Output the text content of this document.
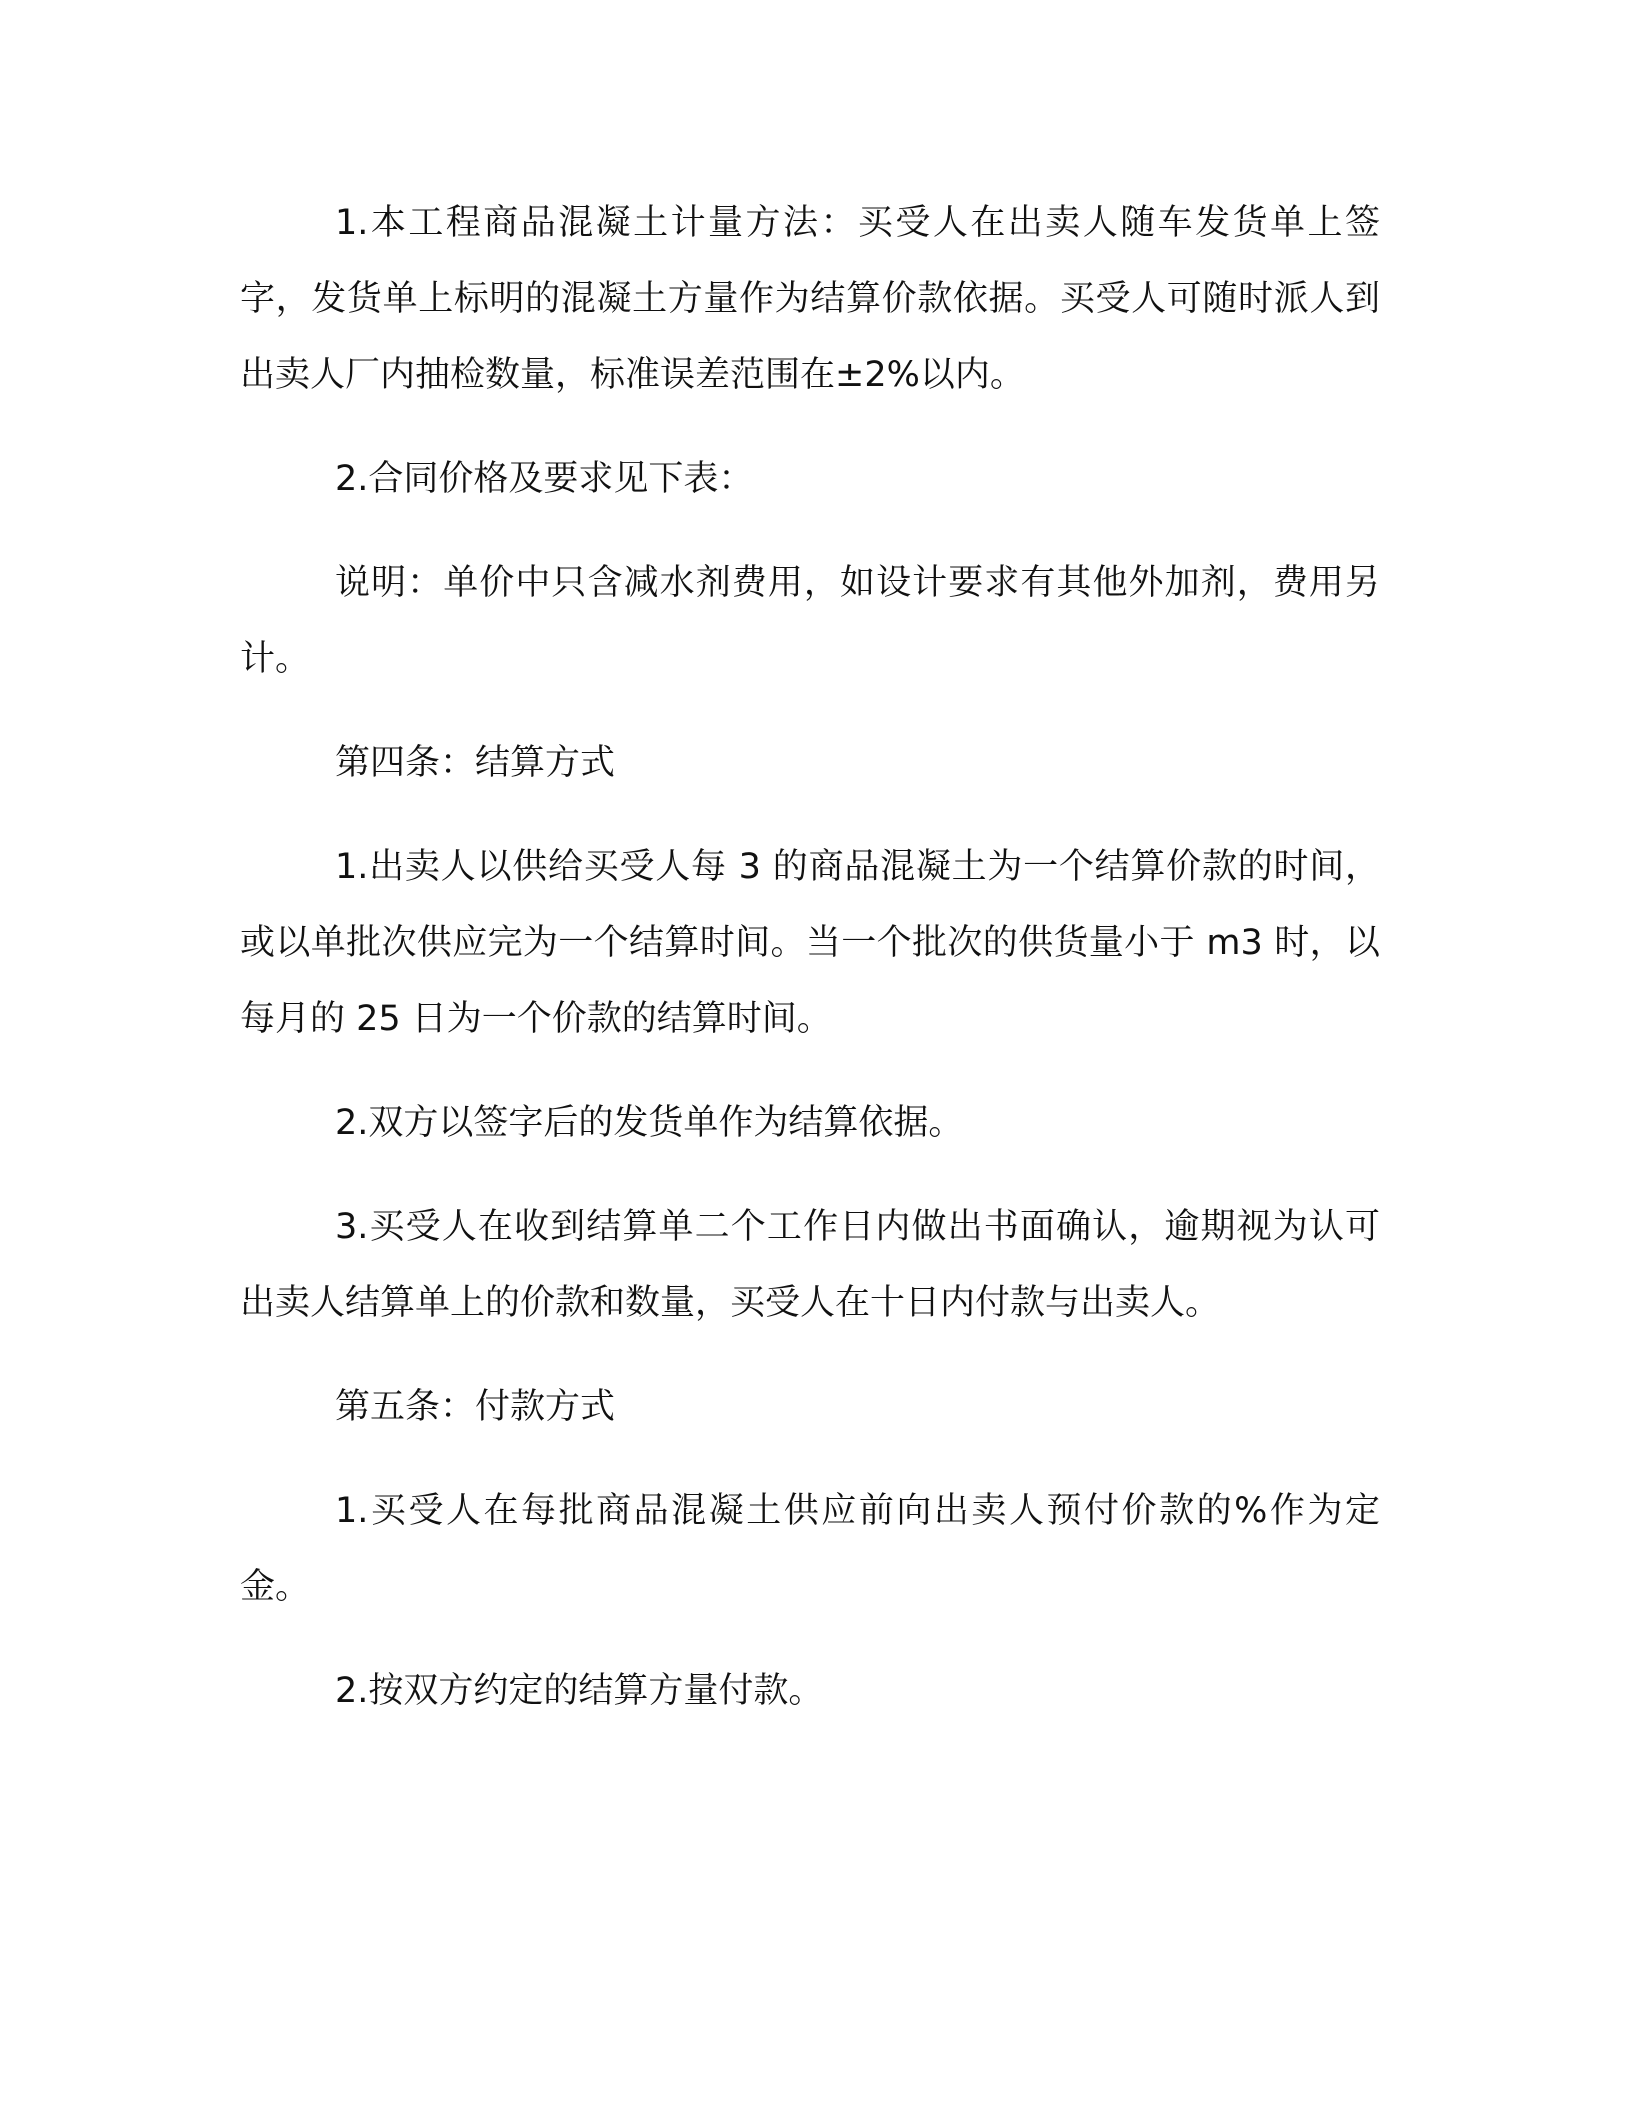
1.本工程商品混凝土计量方法：买受人在出卖人随车发货单上签字，发货单上标明的混凝土方量作为结算价款依据。买受人可随时派人到出卖人厂内抽检数量，标准误差范围在±2%以内。

2.合同价格及要求见下表：

说明：单价中只含减水剂费用，如设计要求有其他外加剂，费用另计。

第四条：结算方式

1.出卖人以供给买受人每 3 的商品混凝土为一个结算价款的时间，或以单批次供应完为一个结算时间。当一个批次的供货量小于 m3 时，以每月的 25 日为一个价款的结算时间。

2.双方以签字后的发货单作为结算依据。

3.买受人在收到结算单二个工作日内做出书面确认，逾期视为认可出卖人结算单上的价款和数量，买受人在十日内付款与出卖人。

第五条：付款方式

1.买受人在每批商品混凝土供应前向出卖人预付价款的%作为定金。

2.按双方约定的结算方量付款。
